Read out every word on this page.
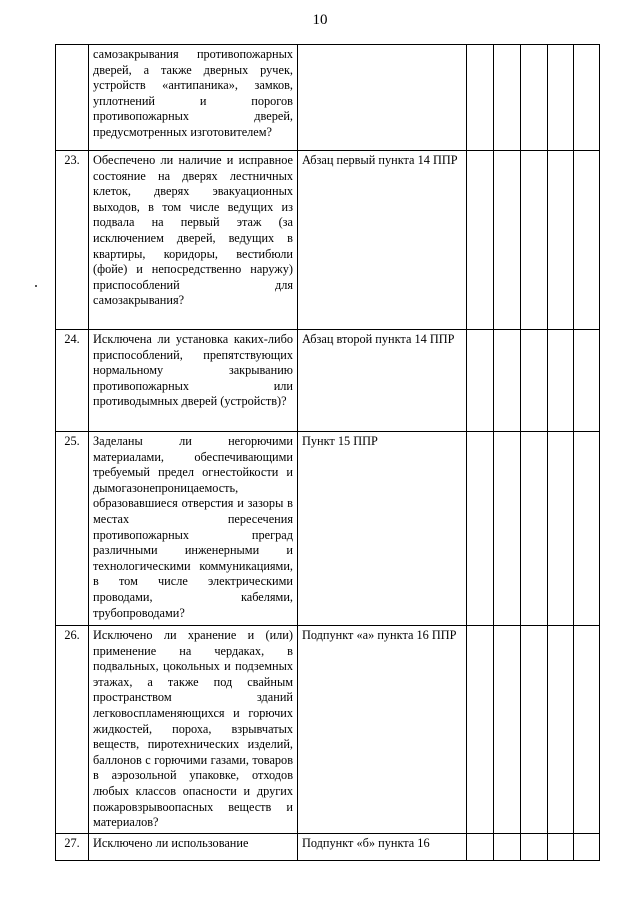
10
	самозакрывания противопожарных дверей, а также дверных ручек, устройств «антипаника», замков, уплотнений и порогов противопожарных дверей, предусмотренных изготовителем?						
23.	Обеспечено ли наличие и исправное состояние на дверях лестничных клеток, дверях эвакуационных выходов, в том числе ведущих из подвала на первый этаж (за исключением дверей, ведущих в квартиры, коридоры, вестибюли (фойе) и непосредственно наружу) приспособлений для самозакрывания?	Абзац первый пункта 14 ППР					
24.	Исключена ли установка каких-либо приспособлений, препятствующих нормальному закрыванию противопожарных или противодымных дверей (устройств)?	Абзац второй пункта 14 ППР					
25.	Заделаны ли негорючими материалами, обеспечивающими требуемый предел огнестойкости и дымогазонепроницаемость, образовавшиеся отверстия и зазоры в местах пересечения противопожарных преград различными инженерными и технологическими коммуникациями, в том числе электрическими проводами, кабелями, трубопроводами?	Пункт 15 ППР					
26.	Исключено ли хранение и (или) применение на чердаках, в подвальных, цокольных и подземных этажах, а также под свайным пространством зданий легковоспламеняющихся и горючих жидкостей, пороха, взрывчатых веществ, пиротехнических изделий, баллонов с горючими газами, товаров в аэрозольной упаковке, отходов любых классов опасности и других пожаровзрывоопасных веществ и материалов?	Подпункт «а» пункта 16 ППР					
27.	Исключено ли использование	Подпункт «б» пункта 16					
